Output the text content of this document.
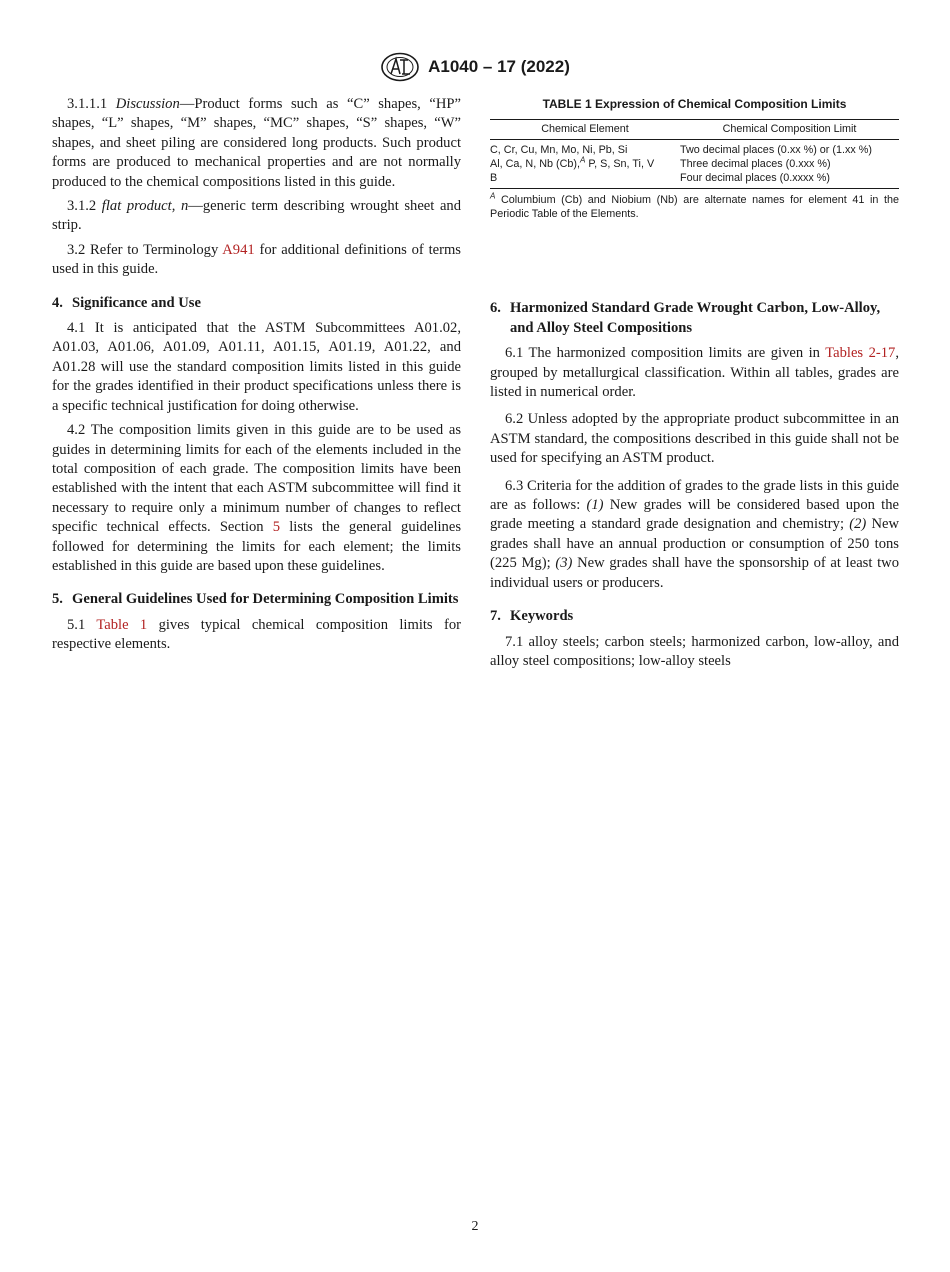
A1040 – 17 (2022)

3.1.1.1 Discussion—Product forms such as “C” shapes, “HP” shapes, “L” shapes, “M” shapes, “MC” shapes, “S” shapes, “W” shapes, and sheet piling are considered long products. Such product forms are produced to mechanical properties and are not normally produced to the chemical compositions listed in this guide.

3.1.2 flat product, n—generic term describing wrought sheet and strip.

3.2 Refer to Terminology A941 for additional definitions of terms used in this guide.

4. Significance and Use

4.1 It is anticipated that the ASTM Subcommittees A01.02, A01.03, A01.06, A01.09, A01.11, A01.15, A01.19, A01.22, and A01.28 will use the standard composition limits listed in this guide for the grades identified in their product specifications unless there is a specific technical justification for doing otherwise.

4.2 The composition limits given in this guide are to be used as guides in determining limits for each of the elements included in the total composition of each grade. The composition limits have been established with the intent that each ASTM subcommittee will find it necessary to require only a minimum number of changes to reflect specific technical effects. Section 5 lists the general guidelines followed for determining the limits for each element; the limits established in this guide are based upon these guidelines.

5. General Guidelines Used for Determining Composition Limits

5.1 Table 1 gives typical chemical composition limits for respective elements.

TABLE 1 Expression of Chemical Composition Limits
Chemical Element	Chemical Composition Limit
C, Cr, Cu, Mn, Mo, Ni, Pb, Si	Two decimal places (0.xx %) or (1.xx %)
Al, Ca, N, Nb (Cb),$^A$ P, S, Sn, Ti, V	Three decimal places (0.xxx %)
B	Four decimal places (0.xxxx %)
$^A$ Columbium (Cb) and Niobium (Nb) are alternate names for element 41 in the Periodic Table of the Elements.
6. Harmonized Standard Grade Wrought Carbon, Low-Alloy, and Alloy Steel Compositions

6.1 The harmonized composition limits are given in Tables 2-17, grouped by metallurgical classification. Within all tables, grades are listed in numerical order.

6.2 Unless adopted by the appropriate product subcommittee in an ASTM standard, the compositions described in this guide shall not be used for specifying an ASTM product.

6.3 Criteria for the addition of grades to the grade lists in this guide are as follows: (1) New grades will be considered based upon the grade meeting a standard grade designation and chemistry; (2) New grades shall have an annual production or consumption of 250 tons (225 Mg); (3) New grades shall have the sponsorship of at least two individual users or producers.

7. Keywords

7.1 alloy steels; carbon steels; harmonized carbon, low-alloy, and alloy steel compositions; low-alloy steels

2
